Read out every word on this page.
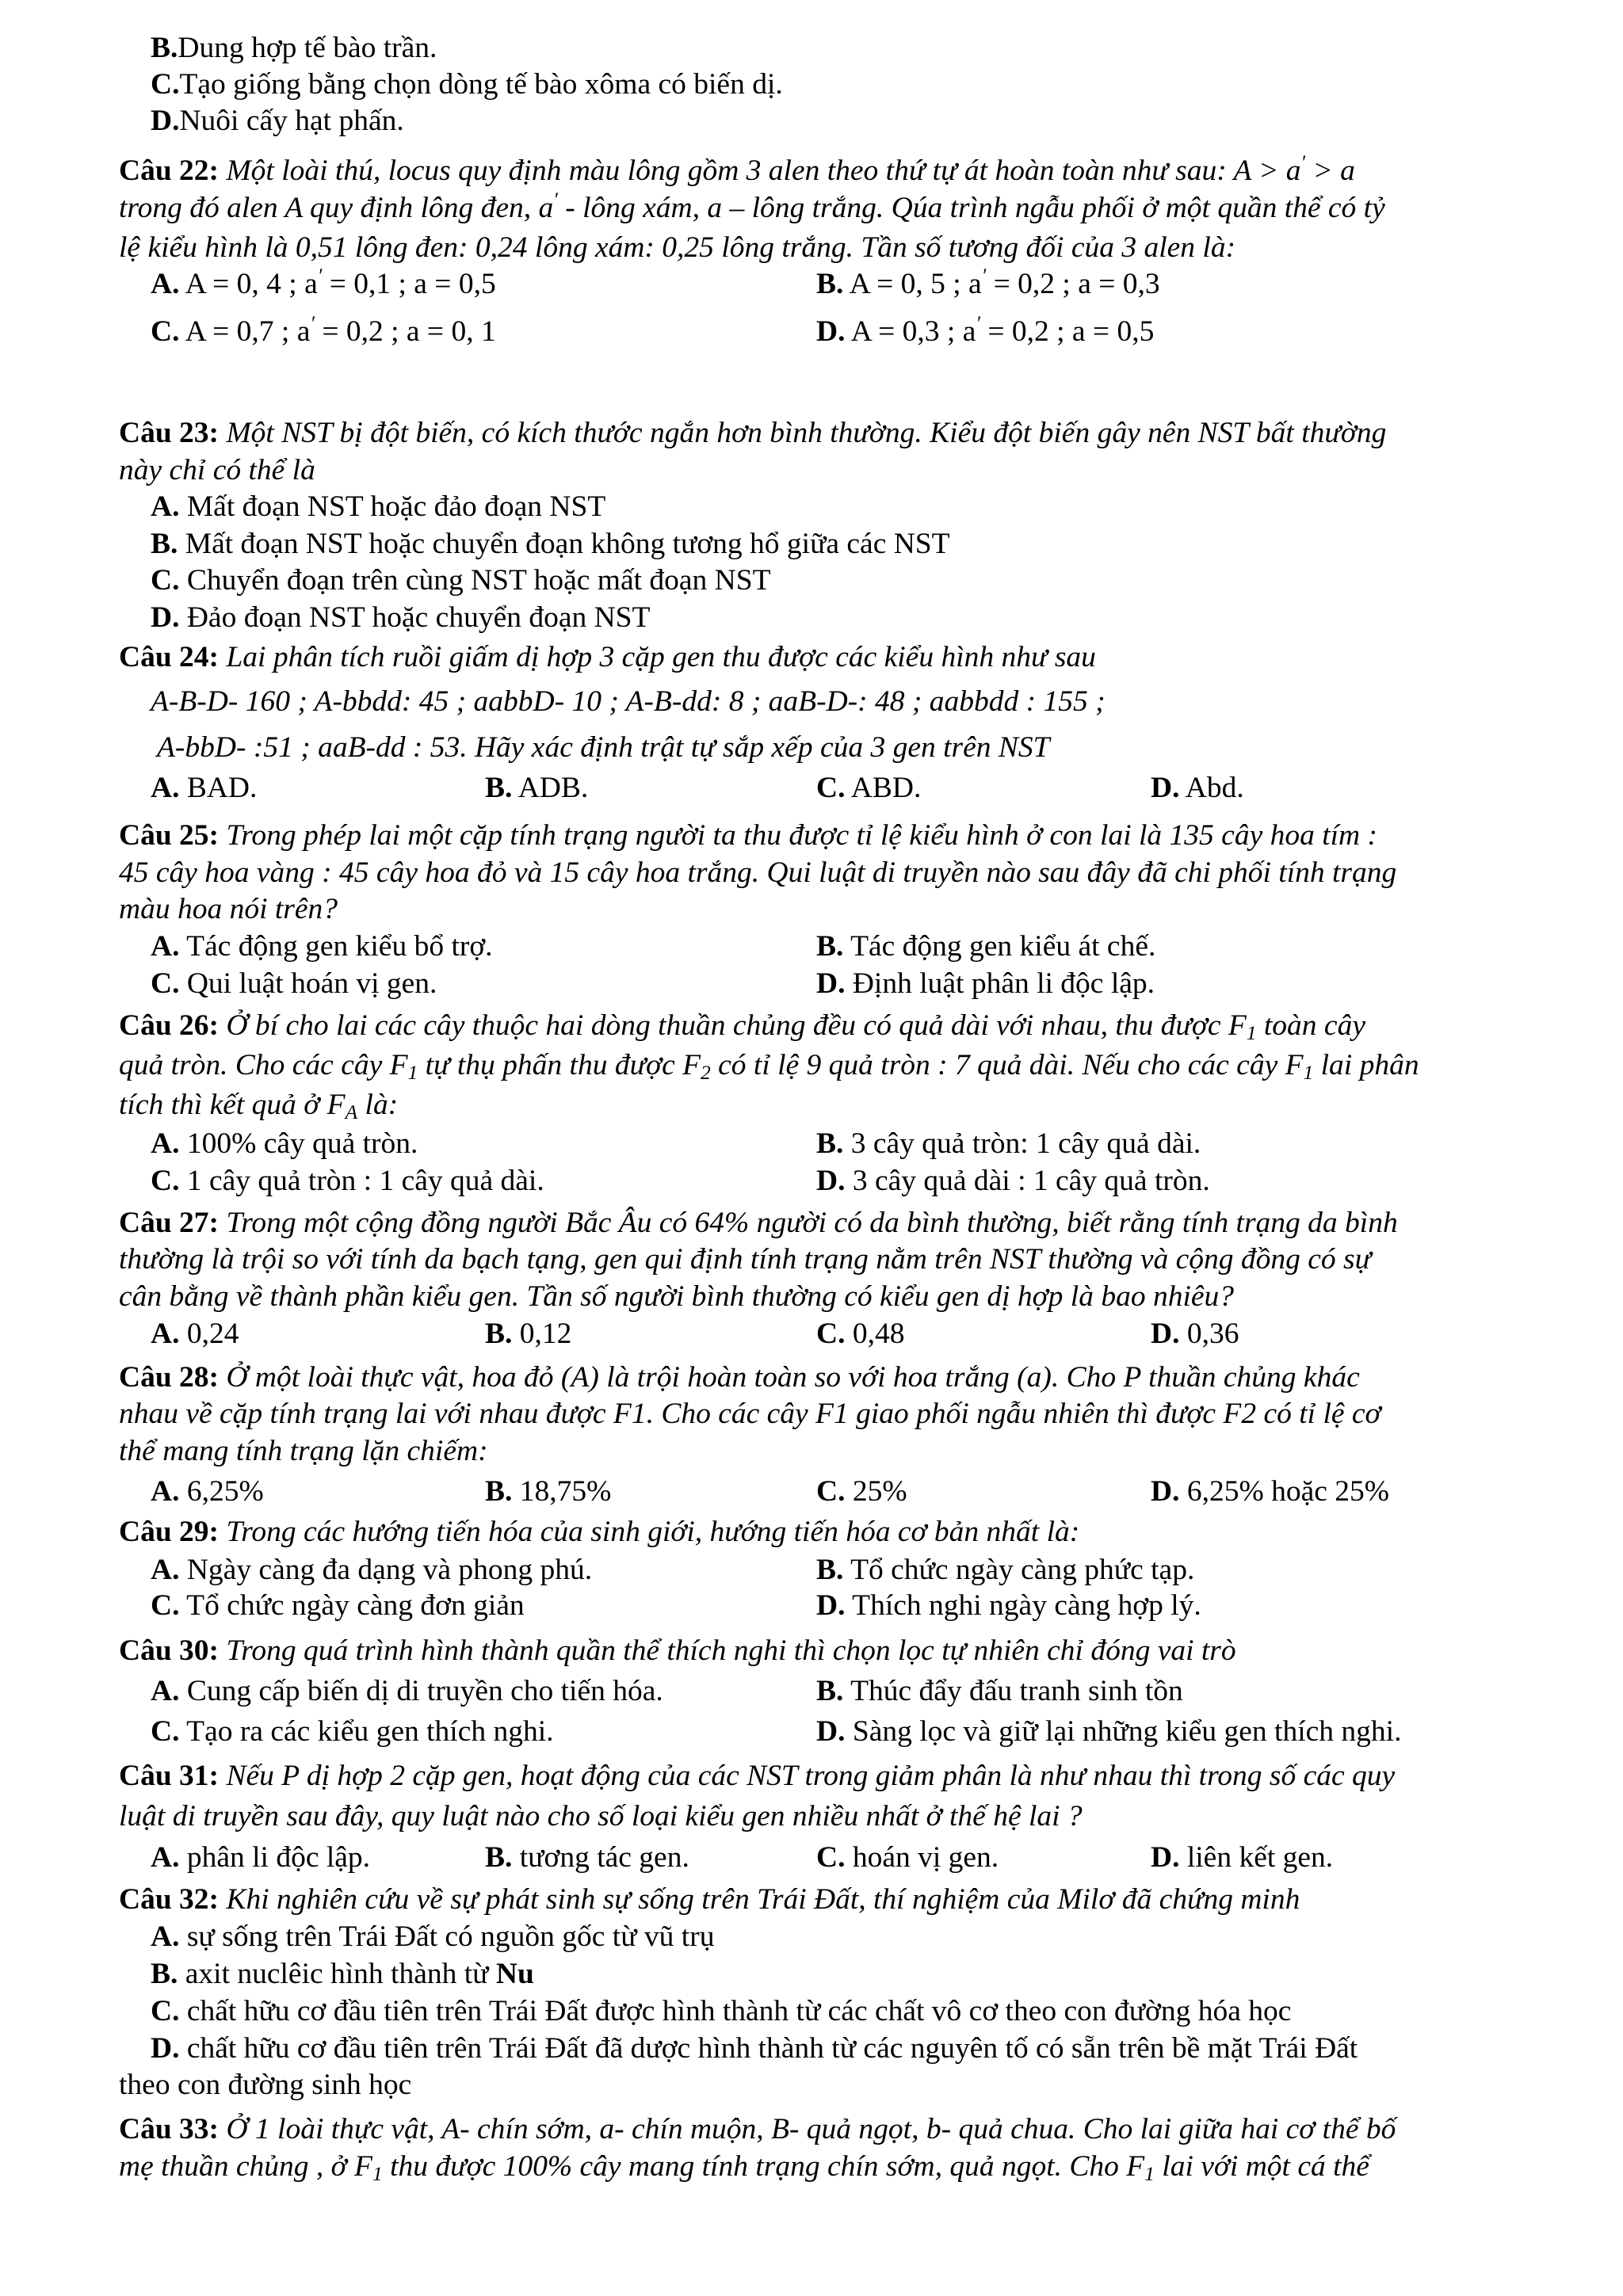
B.Dung hợp tế bào trần.
C.Tạo giống bằng chọn dòng tế bào xôma có biến dị.
D.Nuôi cấy hạt phấn.
Câu 22: Một loài thú, locus quy định màu lông gồm 3 alen theo thứ tự át hoàn toàn như sau: A > a′ > a
trong đó alen A quy định lông đen, a′ - lông xám, a – lông trắng. Qúa trình ngẫu phối ở một quần thể có tỷ
lệ kiểu hình là 0,51 lông đen: 0,24 lông xám: 0,25 lông trắng. Tần số tương đối của 3 alen là:
A. A = 0, 4 ; a′ = 0,1 ; a = 0,5	B. A = 0, 5 ; a′ = 0,2 ; a = 0,3
C. A = 0,7 ; a′ = 0,2 ; a = 0, 1	D. A = 0,3 ; a′ = 0,2 ; a = 0,5
Câu 23: Một NST bị đột biến, có kích thước ngắn hơn bình thường. Kiểu đột biến gây nên NST bất thường
này chỉ có thể là
A. Mất đoạn NST hoặc đảo đoạn NST
B. Mất đoạn NST hoặc chuyển đoạn không tương hổ giữa các NST
C. Chuyển đoạn trên cùng NST hoặc mất đoạn NST
D. Đảo đoạn NST hoặc chuyển đoạn NST
Câu 24: Lai phân tích ruồi giấm dị hợp 3 cặp gen thu được các kiểu hình như sau
A-B-D- 160 ; A-bbdd: 45 ; aabbD- 10 ; A-B-dd: 8 ; aaB-D-: 48 ; aabbdd : 155 ;
A-bbD- :51 ; aaB-dd : 53. Hãy xác định trật tự sắp xếp của 3 gen trên NST
A. BAD.	B. ADB.	C. ABD.	D. Abd.
Câu 25: Trong phép lai một cặp tính trạng người ta thu được tỉ lệ kiểu hình ở con lai là 135 cây hoa tím :
45 cây hoa vàng : 45 cây hoa đỏ và 15 cây hoa trắng. Qui luật di truyền nào sau đây đã chi phối tính trạng
màu hoa nói trên?
A. Tác động gen kiểu bổ trợ.	B. Tác động gen kiểu át chế.
C. Qui luật hoán vị gen.	D. Định luật phân li độc lập.
Câu 26: Ở bí cho lai các cây thuộc hai dòng thuần chủng đều có quả dài với nhau, thu được F1 toàn cây
quả tròn. Cho các cây F1 tự thụ phấn thu được F2 có tỉ lệ 9 quả tròn : 7 quả dài. Nếu cho các cây F1 lai phân
tích thì kết quả ở FA là:
A. 100% cây quả tròn.	B. 3 cây quả tròn: 1 cây quả dài.
C. 1 cây quả tròn : 1 cây quả dài.	D. 3 cây quả dài : 1 cây quả tròn.
Câu 27: Trong một cộng đồng người Bắc Âu có 64% người có da bình thường, biết rằng tính trạng da bình
thường là trội so với tính da bạch tạng, gen qui định tính trạng nằm trên NST thường và cộng đồng có sự
cân bằng về thành phần kiểu gen. Tần số người bình thường có kiểu gen dị hợp là bao nhiêu?
A. 0,24	B. 0,12	C. 0,48	D. 0,36
Câu 28: Ở một loài thực vật, hoa đỏ (A) là trội hoàn toàn so với hoa trắng (a). Cho P thuần chủng khác
nhau về cặp tính trạng lai với nhau được F1. Cho các cây F1 giao phối ngẫu nhiên thì được F2 có tỉ lệ cơ
thể mang tính trạng lặn chiếm:
A. 6,25%	B. 18,75%	C. 25%	D. 6,25% hoặc 25%
Câu 29: Trong các hướng tiến hóa của sinh giới, hướng tiến hóa cơ bản nhất là:
A. Ngày càng đa dạng và phong phú.	B. Tổ chức ngày càng phức tạp.
C. Tổ chức ngày càng đơn giản	D. Thích nghi ngày càng hợp lý.
Câu 30: Trong quá trình hình thành quần thể thích nghi thì chọn lọc tự nhiên chỉ đóng vai trò
A. Cung cấp biến dị di truyền cho tiến hóa.	B. Thúc đẩy đấu tranh sinh tồn
C. Tạo ra các kiểu gen thích nghi.	D. Sàng lọc và giữ lại những kiểu gen thích nghi.
Câu 31: Nếu P dị hợp 2 cặp gen, hoạt động của các NST trong giảm phân là như nhau thì trong số các quy
luật di truyền sau đây, quy luật nào cho số loại kiểu gen nhiều nhất ở thế hệ lai ?
A. phân li độc lập.	B. tương tác gen.	C. hoán vị gen.	D. liên kết gen.
Câu 32: Khi nghiên cứu về sự phát sinh sự sống trên Trái Đất, thí nghiệm của Milơ đã chứng minh
A. sự sống trên Trái Đất có nguồn gốc từ vũ trụ
B. axit nuclêic hình thành từ Nu
C. chất hữu cơ đầu tiên trên Trái Đất được hình thành từ các chất vô cơ theo con đường hóa học
D. chất hữu cơ đầu tiên trên Trái Đất đã dược hình thành từ các nguyên tố có sẵn trên bề mặt Trái Đất
theo con đường sinh học
Câu 33: Ở 1 loài thực vật, A- chín sớm, a- chín muộn, B- quả ngọt, b- quả chua. Cho lai giữa hai cơ thể bố
mẹ thuần chủng , ở F1 thu được 100% cây mang tính trạng chín sớm, quả ngọt. Cho F1 lai với một cá thể
